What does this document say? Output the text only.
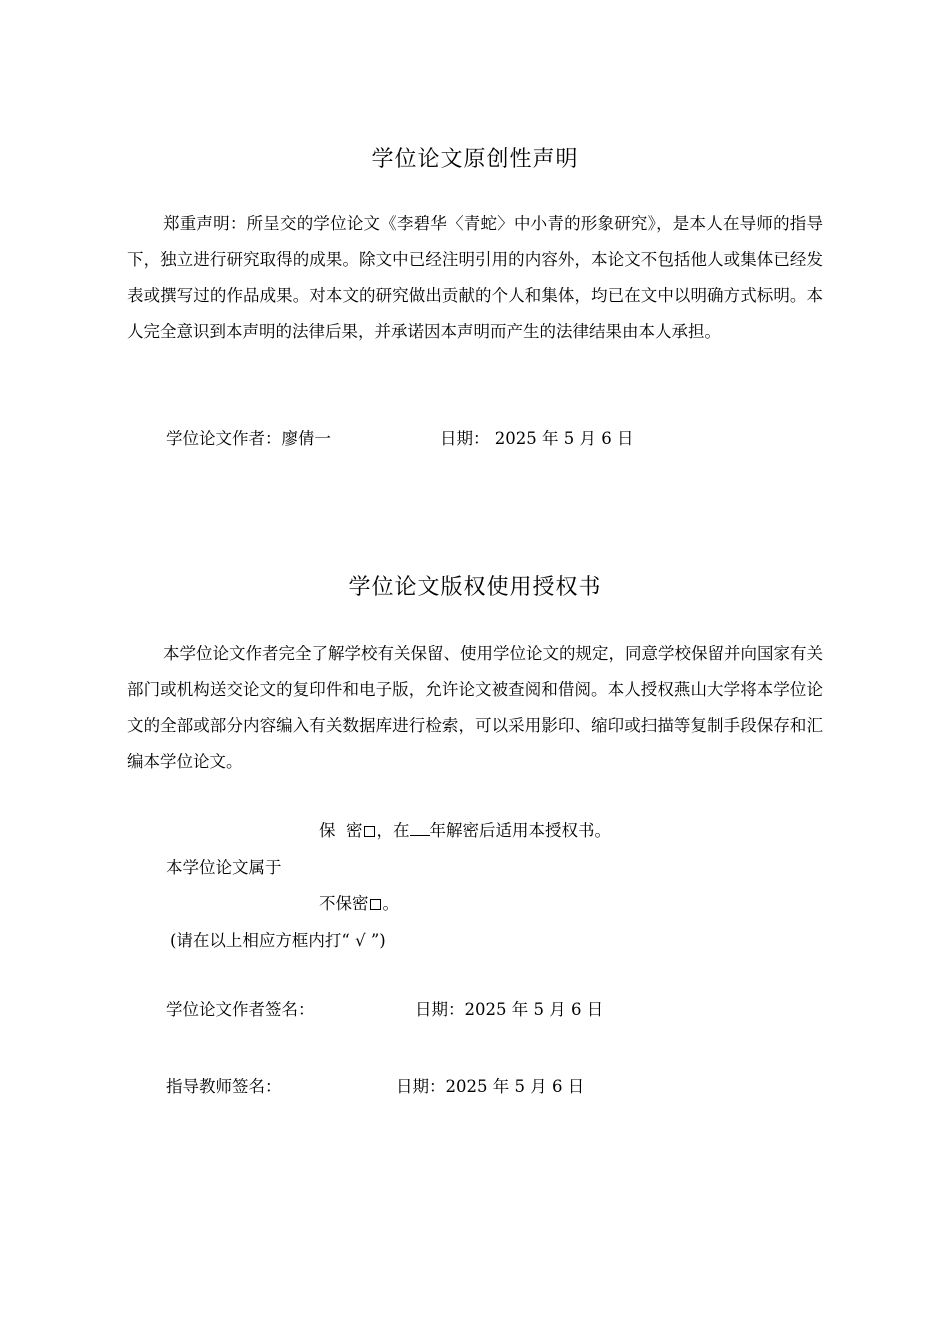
学位论文原创性声明

郑重声明：所呈交的学位论文《李碧华〈青蛇〉中小青的形象研究》，是本人在导师的指导下，独立进行研究取得的成果。除文中已经注明引用的内容外，本论文不包括他人或集体已经发表或撰写过的作品成果。对本文的研究做出贡献的个人和集体，均已在文中以明确方式标明。本人完全意识到本声明的法律后果，并承诺因本声明而产生的法律结果由本人承担。

学位论文作者：廖倩一	日期： 2025 年 5 月 6 日
学位论文版权使用授权书

本学位论文作者完全了解学校有关保留、使用学位论文的规定，同意学校保留并向国家有关部门或机构送交论文的复印件和电子版，允许论文被查阅和借阅。本人授权燕山大学将本学位论文的全部或部分内容编入有关数据库进行检索，可以采用影印、缩印或扫描等复制手段保存和汇编本学位论文。

保  密 ，在 年解密后适用本授权书。
本学位论文属于
不保密 。
(请在以上相应方框内打“ √ ”)
学位论文作者签名：	日期：2025 年 5 月 6 日
指导教师签名：	日期：2025 年 5 月 6 日
